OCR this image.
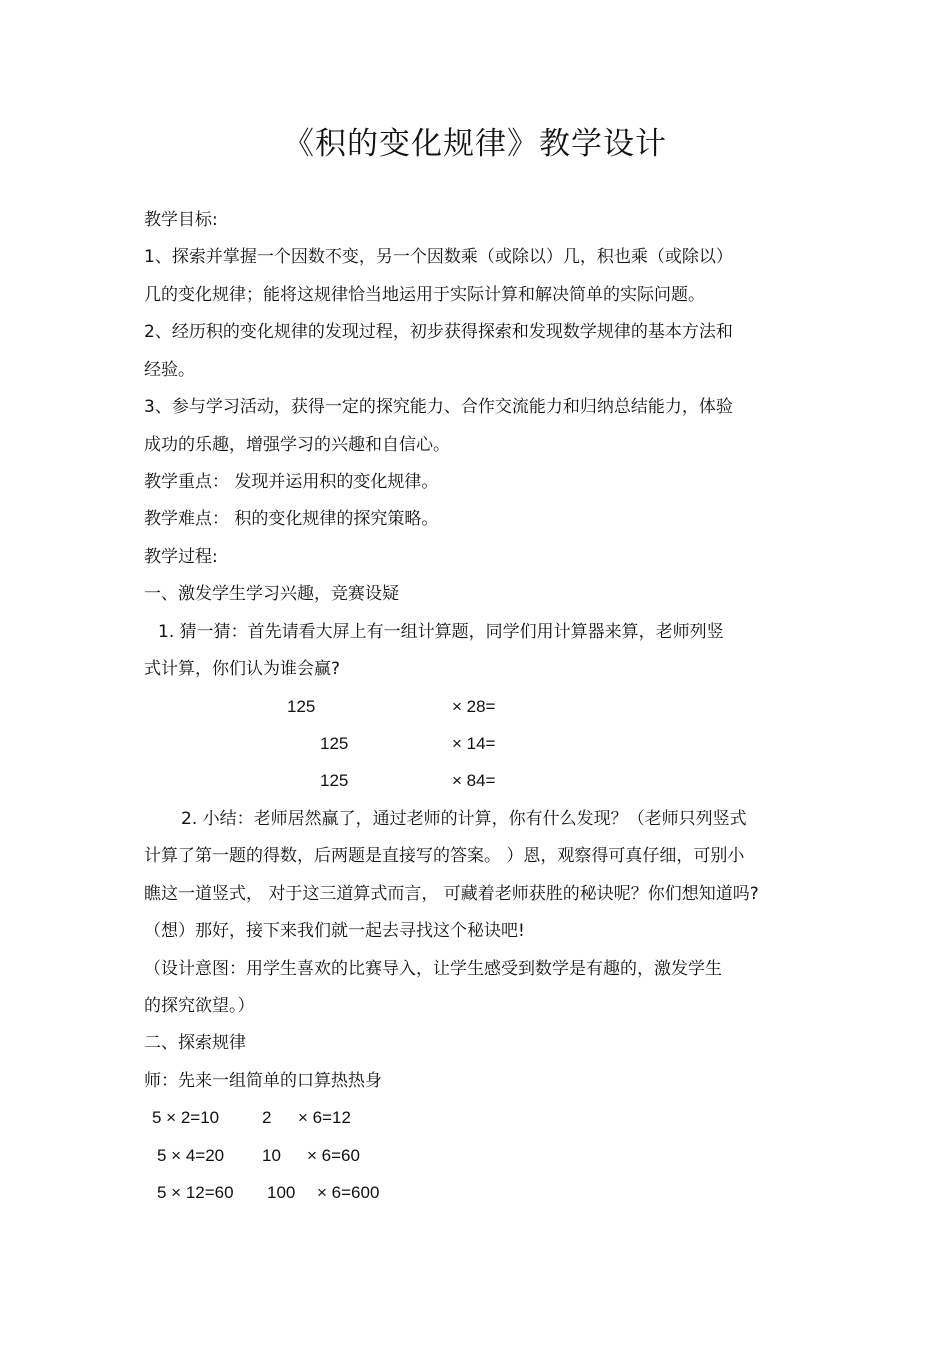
《积的变化规律》教学设计
教学目标:
1、探索并掌握一个因数不变，另一个因数乘（或除以）几，积也乘（或除以）
几的变化规律；能将这规律恰当地运用于实际计算和解决简单的实际问题。
2、经历积的变化规律的发现过程，初步获得探索和发现数学规律的基本方法和
经验。
3、参与学习活动，获得一定的探究能力、合作交流能力和归纳总结能力，体验
成功的乐趣，增强学习的兴趣和自信心。
教学重点： 发现并运用积的变化规律。
教学难点： 积的变化规律的探究策略。
教学过程:
一、激发学生学习兴趣，竞赛设疑
1. 猜一猜：首先请看大屏上有一组计算题，同学们用计算器来算，老师列竖
式计算，你们认为谁会赢?
125	× 28=
125	× 14=
125	× 84=
2. 小结：老师居然赢了，通过老师的计算，你有什么发现？（老师只列竖式
计算了第一题的得数，后两题是直接写的答案。 ）恩，观察得可真仔细，可别小
瞧这一道竖式， 对于这三道算式而言， 可藏着老师获胜的秘诀呢？你们想知道吗?
（想）那好，接下来我们就一起去寻找这个秘诀吧!
（设计意图：用学生喜欢的比赛导入，让学生感受到数学是有趣的，激发学生
的探究欲望。）
二、探索规律
师：先来一组简单的口算热热身
5 × 2=10	2 × 6=12
5 × 4=20 10 × 6=60
5 × 12=60 100 × 6=600
